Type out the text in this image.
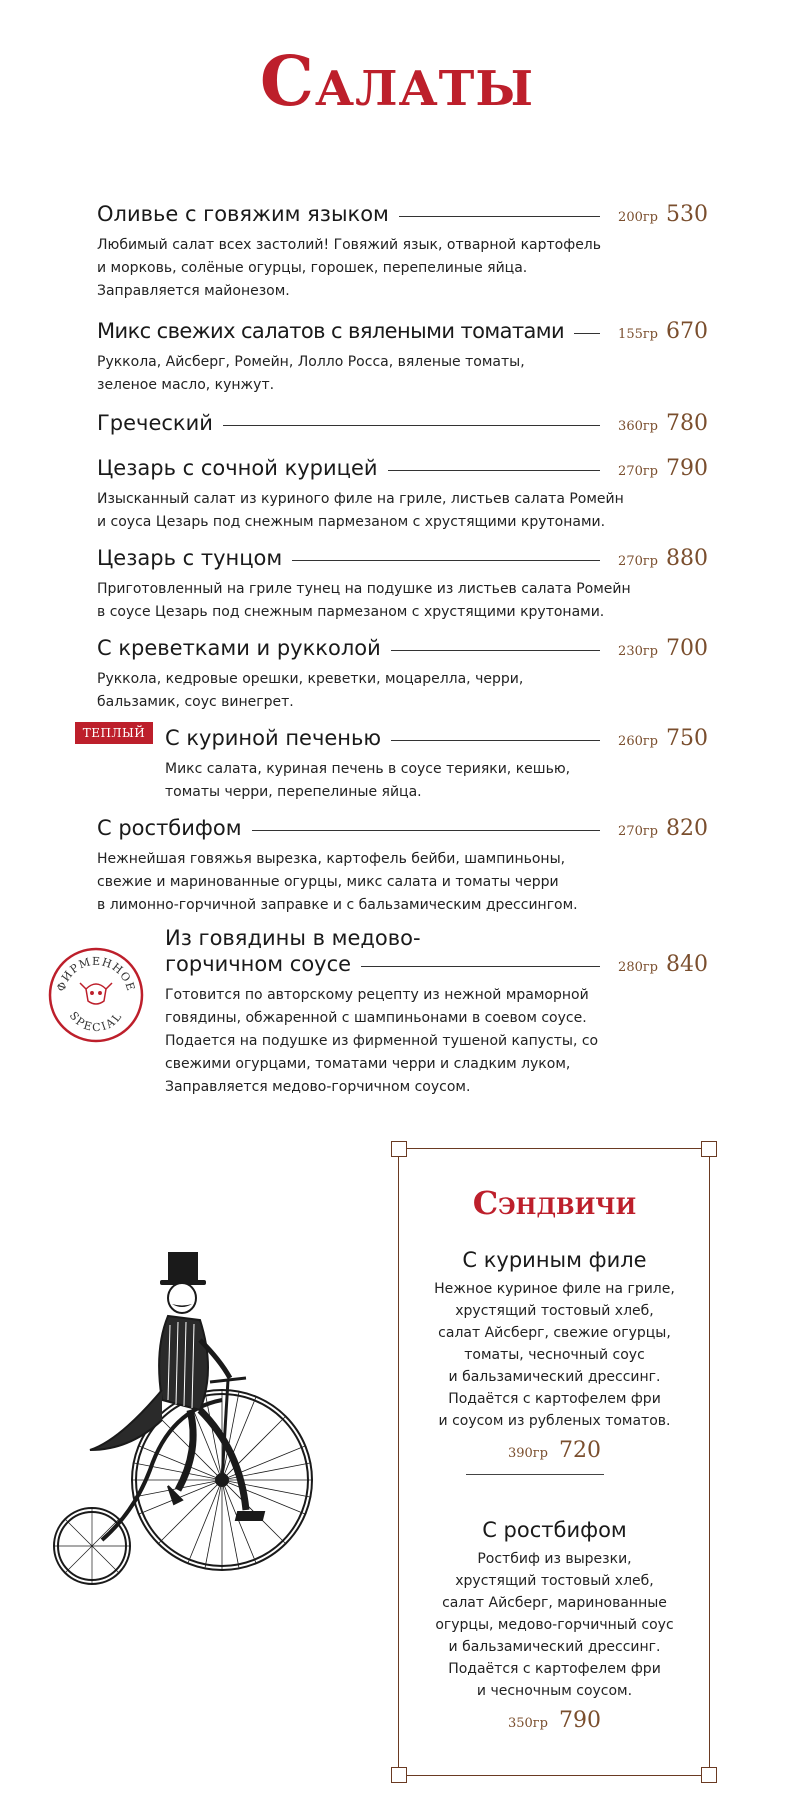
Салаты
Оливье с говяжим языком	200гр 530
Любимый салат всех застолий! Говяжий язык, отварной картофель
и морковь, солёные огурцы, горошек, перепелиные яйца.
Заправляется майонезом.
Микс свежих салатов с вялеными томатами	155гр 670
Руккола, Айсберг, Ромейн, Лолло Росса, вяленые томаты,
зеленое масло, кунжут.
Греческий	360гр 780
Цезарь с сочной курицей	270гр 790
Изысканный салат из куриного филе на гриле, листьев салата Ромейн
и соуса Цезарь под снежным пармезаном с хрустящими крутонами.
Цезарь с тунцом	270гр 880
Приготовленный на гриле тунец на подушке из листьев салата Ромейн
в соусе Цезарь под снежным пармезаном с хрустящими крутонами.
С креветками и рукколой	230гр 700
Руккола, кедровые орешки, креветки, моцарелла, черри,
бальзамик, соус винегрет.
ТЕПЛЫЙ С куриной печенью	260гр 750
Микс салата, куриная печень в соусе терияки, кешью,
томаты черри, перепелиные яйца.
С ростбифом	270гр 820
Нежнейшая говяжья вырезка, картофель бейби, шампиньоны,
свежие и маринованные огурцы, микс салата и томаты черри
в лимонно-горчичной заправке и с бальзамическим дрессингом.
Из говядины в медово-
горчичном соусе	280гр 840
Готовится по авторскому рецепту из нежной мраморной
говядины, обжаренной с шампиньонами в соевом соусе.
Подается на подушке из фирменной тушеной капусты, со
свежими огурцами, томатами черри и сладким луком,
Заправляется медово-горчичном соусом.
ФИРМЕННОЕ
SPECIAL
Сэндвичи
С куриным филе
Нежное куриное филе на гриле,
хрустящий тостовый хлеб,
салат Айсберг, свежие огурцы,
томаты, чесночный соус
и бальзамический дрессинг.
Подаётся с картофелем фри
и соусом из рубленых томатов.
390гр 720
С ростбифом
Ростбиф из вырезки,
хрустящий тостовый хлеб,
салат Айсберг, маринованные
огурцы, медово-горчичный соус
и бальзамический дрессинг.
Подаётся с картофелем фри
и чесночным соусом.
350гр 790
